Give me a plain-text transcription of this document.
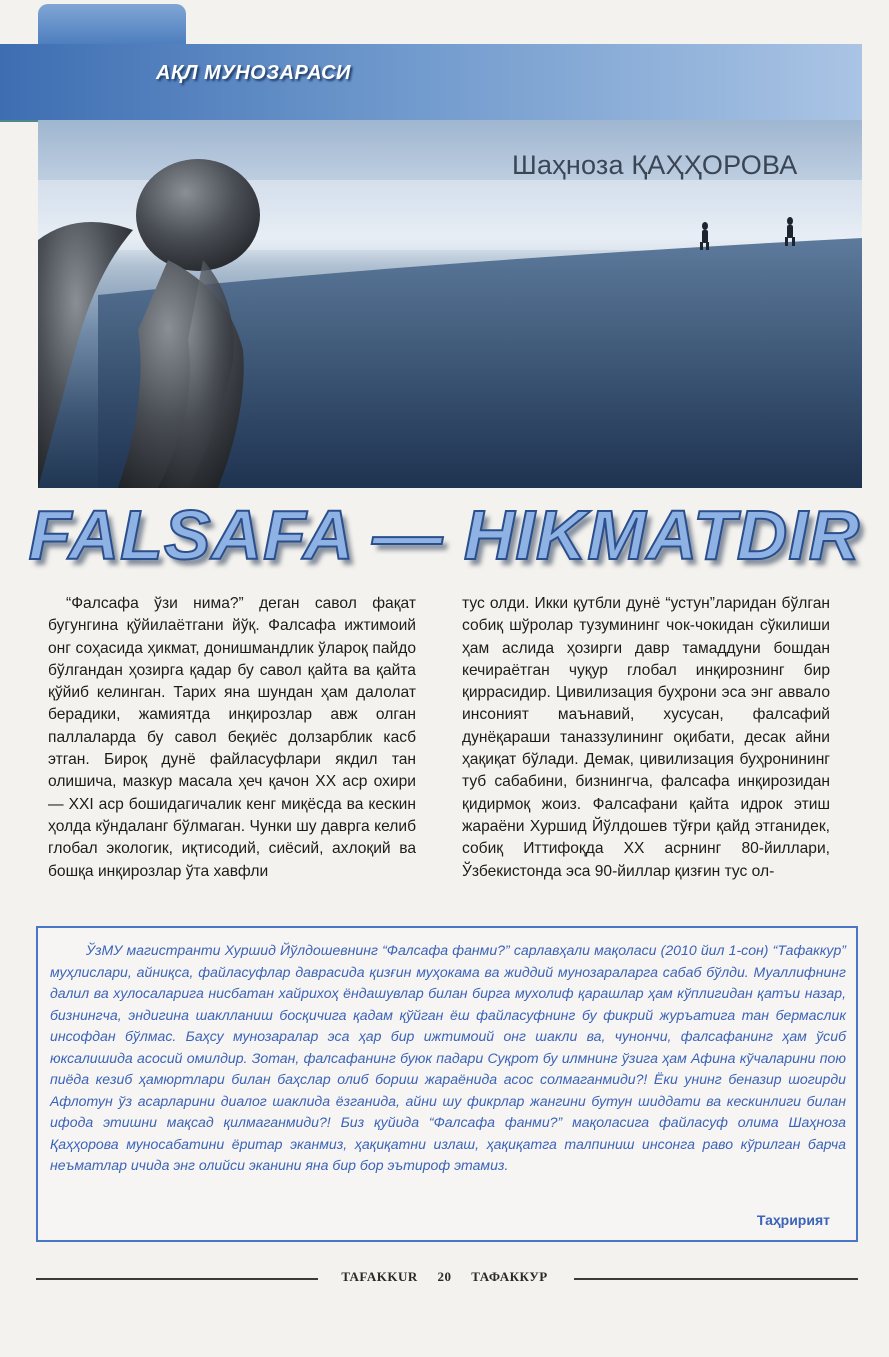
АҚЛ МУНОЗАРАСИ
Шаҳноза ҚАҲҲОРОВА
FALSAFA — HIKMATDIR
“Фалсафа ўзи нима?” деган савол фақат бугунгина қўйилаётгани йўқ. Фалсафа ижтимоий онг соҳасида ҳикмат, донишмандлик ўлароқ пайдо бўлгандан ҳозирга қадар бу савол қайта ва қайта қўйиб келинган. Тарих яна шундан ҳам далолат берадики, жамиятда инқирозлар авж олган паллаларда бу савол беқиёс долзарблик касб этган. Бироқ дунё файласуфлари якдил тан олишича, мазкур масала ҳеч қачон XX аср охири — XXI аср бошидагичалик кенг миқёсда ва кескин ҳолда кўндаланг бўлмаган. Чунки шу даврга келиб глобал экологик, иқтисодий, сиёсий, ахлоқий ва бошқа инқирозлар ўта хавфли
тус олди. Икки қутбли дунё “устун”ларидан бўлган собиқ шўролар тузумининг чок-чокидан сўкилиши ҳам аслида ҳозирги давр тамаддуни бошдан кечираётган чуқур глобал инқирознинг бир қиррасидир. Цивилизация буҳрони эса энг аввало инсоният маънавий, хусусан, фалсафий дунёқараши таназзулининг оқибати, десак айни ҳақиқат бўлади. Демак, цивилизация буҳронининг туб сабабини, бизнингча, фалсафа инқирозидан қидирмоқ жоиз. Фалсафани қайта идрок этиш жараёни Хуршид Йўлдошев тўғри қайд этганидек, собиқ Иттифоқда XX асрнинг 80-йиллари, Ўзбекистонда эса 90-йиллар қизғин тус ол-
ЎзМУ магистранти Хуршид Йўлдошевнинг “Фалсафа фанми?” сарлавҳали мақоласи (2010 йил 1-сон) “Тафаккур” муҳлислари, айниқса, файласуфлар даврасида қизғин муҳокама ва жиддий мунозараларга сабаб бўлди. Муаллифнинг далил ва хулосаларига нисбатан хайрихоҳ ёндашувлар билан бирга мухолиф қарашлар ҳам кўплигидан қатъи назар, бизнингча, эндигина шаклланиш босқичига қадам қўйган ёш файласуфнинг бу фикрий журъатига тан бермаслик инсофдан бўлмас. Баҳсу мунозаралар эса ҳар бир ижтимоий онг шакли ва, чунончи, фалсафанинг ҳам ўсиб юксалишида асосий омилдир. Зотан, фалсафанинг буюк падари Суқрот бу илмнинг ўзига ҳам Афина кўчаларини пою пиёда кезиб ҳамюртлари билан баҳслар олиб бориш жараёнида асос солмаганмиди?! Ёки унинг беназир шогирди Афлотун ўз асарларини диалог шаклида ёзганида, айни шу фикрлар жангини бутун шиддати ва кескинлиги билан ифода этишни мақсад қилмаганмиди?! Биз қуйида “Фалсафа фанми?” мақоласига файласуф олима Шаҳноза Қаҳҳорова муносабатини ёритар эканмиз, ҳақиқатни излаш, ҳақиқатга талпиниш инсонга раво кўрилган барча неъматлар ичида энг олийси эканини яна бир бор эътироф этамиз.
Таҳририят
TAFAKKUR 20 ТАФАККУР
